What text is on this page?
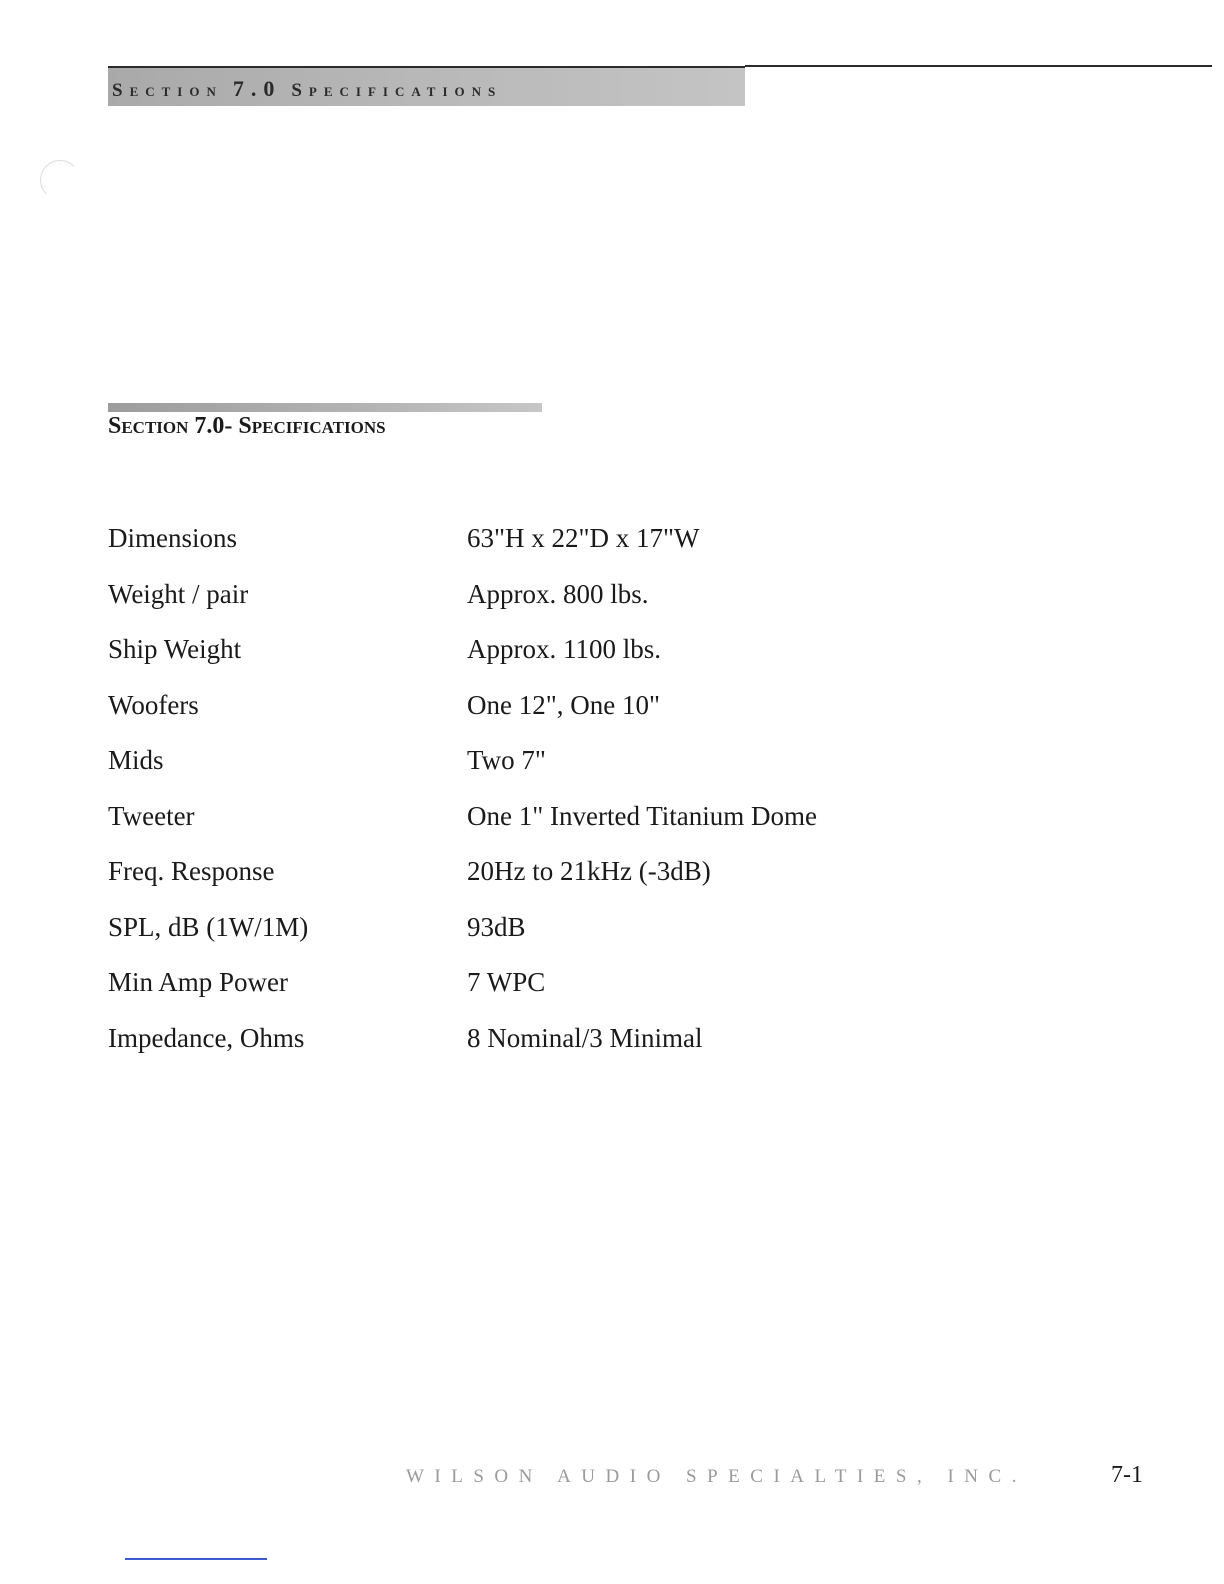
Section 7.0 Specifications
Section 7.0- Specifications
Dimensions	63"H x 22"D x 17"W
Weight / pair	Approx. 800 lbs.
Ship Weight	Approx. 1100 lbs.
Woofers	One 12", One 10"
Mids	Two 7"
Tweeter	One 1" Inverted Titanium Dome
Freq. Response	20Hz to 21kHz (-3dB)
SPL, dB (1W/1M)	93dB
Min Amp Power	7 WPC
Impedance, Ohms	8 Nominal/3 Minimal
WILSON AUDIO SPECIALTIES, INC.	7-1
